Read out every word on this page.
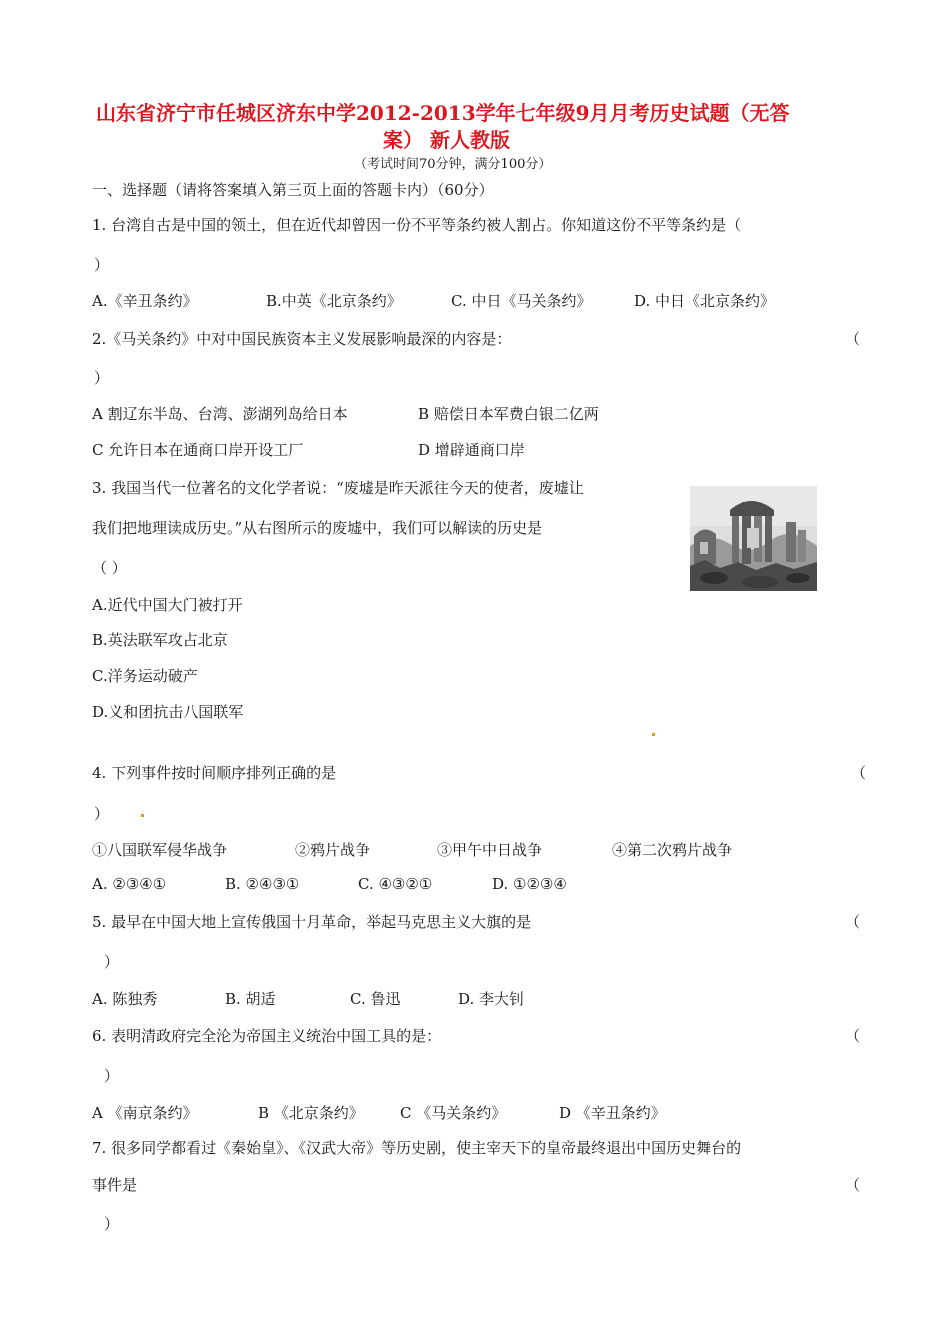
山东省济宁市任城区济东中学2012-2013学年七年级9月月考历史试题（无答
案） 新人教版
（考试时间70分钟，满分100分）
一、选择题（请将答案填入第三页上面的答题卡内）（60分）
1. 台湾自古是中国的领土，但在近代却曾因一份不平等条约被人割占。你知道这份不平等条约是（
）
A.《辛丑条约》	B.中英《北京条约》	C. 中日《马关条约》	D. 中日《北京条约》
2.《马关条约》中对中国民族资本主义发展影响最深的内容是：	（
）
A 割辽东半岛、台湾、澎湖列岛给日本	B 赔偿日本军费白银二亿两
C 允许日本在通商口岸开设工厂	D 增辟通商口岸
3. 我国当代一位著名的文化学者说：“废墟是昨天派往今天的使者，废墟让
我们把地理读成历史。”从右图所示的废墟中，我们可以解读的历史是
（ ）
A.近代中国大门被打开
B.英法联军攻占北京
C.洋务运动破产
D.义和团抗击八国联军
4. 下列事件按时间顺序排列正确的是	（
）
①八国联军侵华战争	②鸦片战争	③甲午中日战争	④第二次鸦片战争
A. ②③④①	B. ②④③①	C. ④③②①	D. ①②③④
5. 最早在中国大地上宣传俄国十月革命，举起马克思主义大旗的是	（
）
A. 陈独秀	B. 胡适	C. 鲁迅	D. 李大钊
6. 表明清政府完全沦为帝国主义统治中国工具的是：	（
）
A 《南京条约》	B 《北京条约》 C 《马关条约》	D 《辛丑条约》
7. 很多同学都看过《秦始皇》、《汉武大帝》等历史剧，使主宰天下的皇帝最终退出中国历史舞台的
事件是	（
）
